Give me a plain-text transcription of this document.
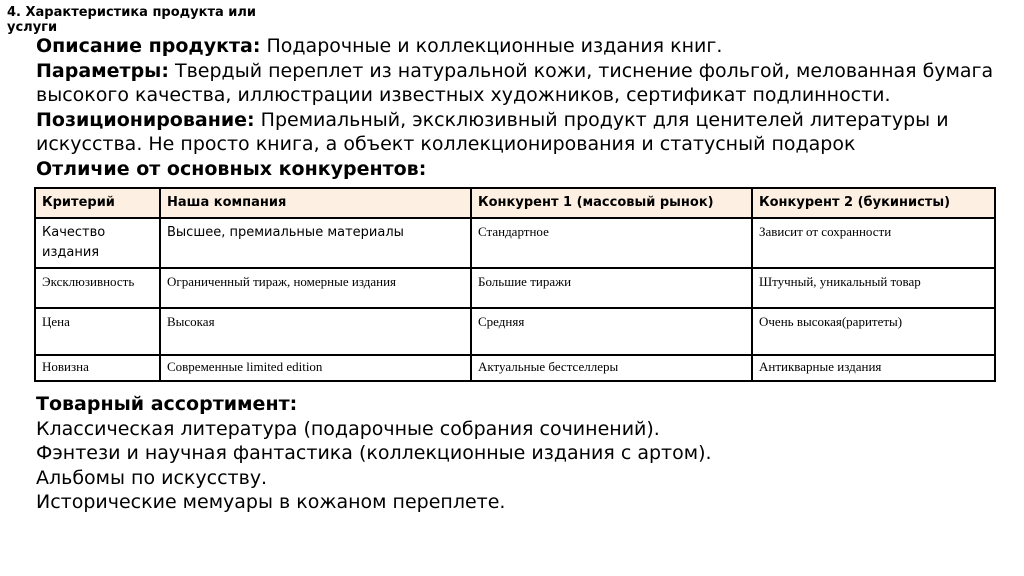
4. Характеристика продукта или услуги

Описание продукта: Подарочные и коллекционные издания книг.

Параметры: Твердый переплет из натуральной кожи, тиснение фольгой, мелованная бумага высокого качества, иллюстрации известных художников, сертификат подлинности.

Позиционирование: Премиальный, эксклюзивный продукт для ценителей литературы и искусства. Не просто книга, а объект коллекционирования и статусный подарок

Отличие от основных конкурентов:

Критерий	Наша компания	Конкурент 1 (массовый рынок)	Конкурент 2 (букинисты)
Качество издания	Высшее, премиальные материалы	Стандартное	Зависит от сохранности
Эксклюзивность	Ограниченный тираж, номерные издания	Большие тиражи	Штучный, уникальный товар
Цена	Высокая	Средняя	Очень высокая(раритеты)
Новизна	Современные limited edition	Актуальные бестселлеры	Антикварные издания

Товарный ассортимент:

Классическая литература (подарочные собрания сочинений).

Фэнтези и научная фантастика (коллекционные издания с артом).

Альбомы по искусству.

Исторические мемуары в кожаном переплете.
